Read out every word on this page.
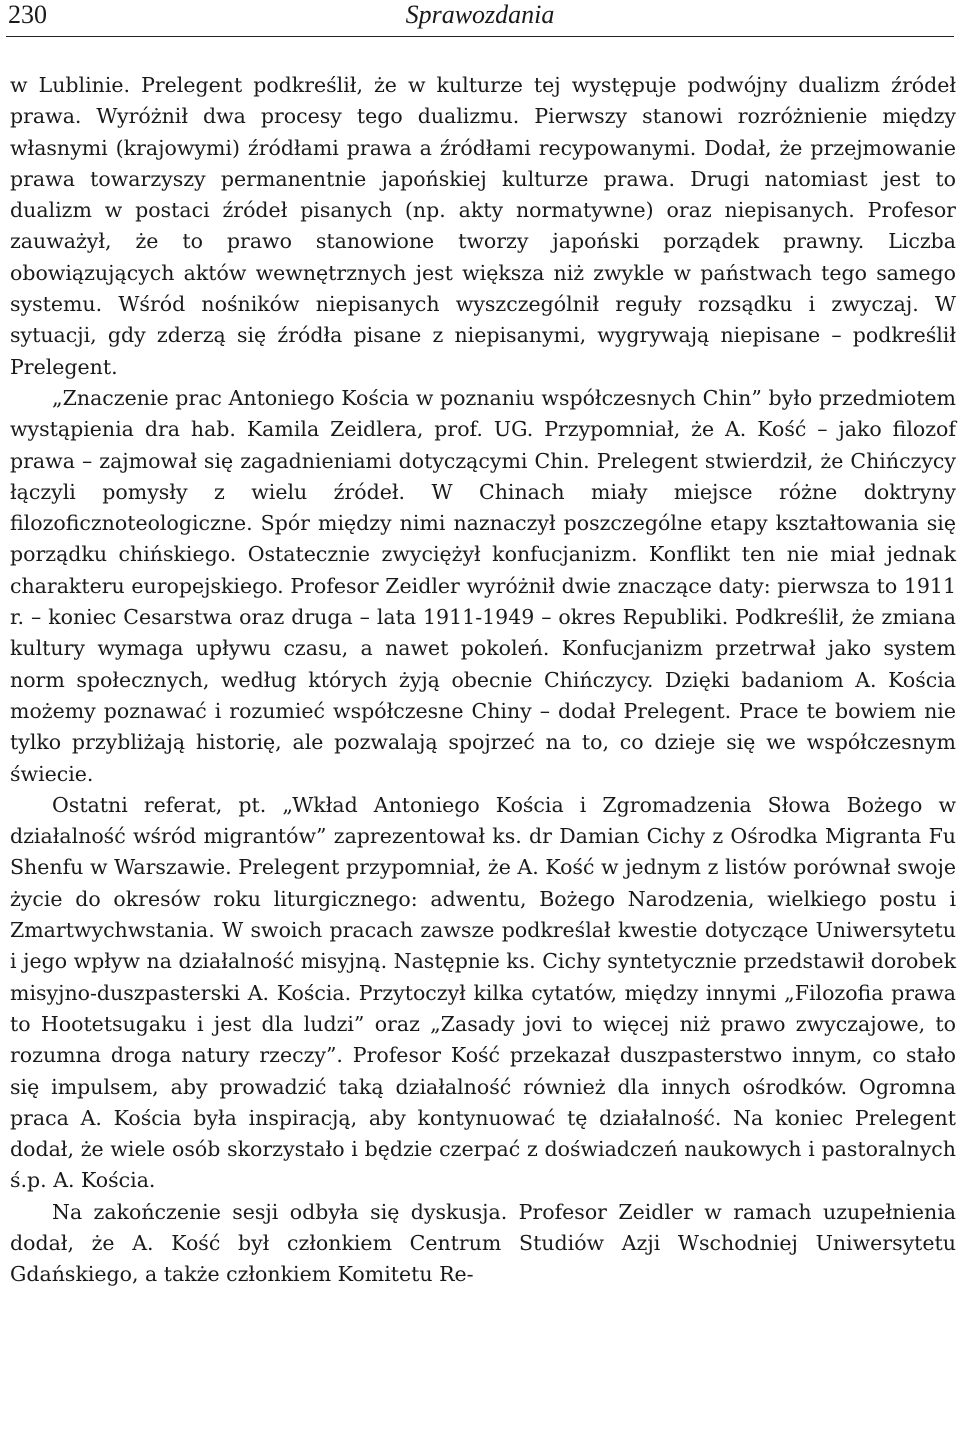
230	Sprawozdania

w Lublinie. Prelegent podkreślił, że w kulturze tej występuje podwójny dualizm źródeł prawa. Wyróżnił dwa procesy tego dualizmu. Pierwszy stanowi rozróżnienie między własnymi (krajowymi) źródłami prawa a źródłami recypowanymi. Dodał, że przejmowanie prawa towarzyszy permanentnie japońskiej kulturze prawa. Drugi natomiast jest to dualizm w postaci źródeł pisanych (np. akty normatywne) oraz niepisanych. Profesor zauważył, że to prawo stanowione tworzy japoński porządek prawny. Liczba obowiązujących aktów wewnętrznych jest większa niż zwykle w państwach tego samego systemu. Wśród nośników niepisanych wyszczególnił reguły rozsądku i zwyczaj. W sytuacji, gdy zderzą się źródła pisane z niepisanymi, wygrywają niepisane – podkreślił Prelegent.

„Znaczenie prac Antoniego Kościa w poznaniu współczesnych Chin” było przedmiotem wystąpienia dra hab. Kamila Zeidlera, prof. UG. Przypomniał, że A. Kość – jako filozof prawa – zajmował się zagadnieniami dotyczącymi Chin. Prelegent stwierdził, że Chińczycy łączyli pomysły z wielu źródeł. W Chinach miały miejsce różne doktryny filozoficznoteologiczne. Spór między nimi naznaczył poszczególne etapy kształtowania się porządku chińskiego. Ostatecznie zwyciężył konfucjanizm. Konflikt ten nie miał jednak charakteru europejskiego. Profesor Zeidler wyróżnił dwie znaczące daty: pierwsza to 1911 r. – koniec Cesarstwa oraz druga – lata 1911-1949 – okres Republiki. Podkreślił, że zmiana kultury wymaga upływu czasu, a nawet pokoleń. Konfucjanizm przetrwał jako system norm społecznych, według których żyją obecnie Chińczycy. Dzięki badaniom A. Kościa możemy poznawać i rozumieć współczesne Chiny – dodał Prelegent. Prace te bowiem nie tylko przybliżają historię, ale pozwalają spojrzeć na to, co dzieje się we współczesnym świecie.

Ostatni referat, pt. „Wkład Antoniego Kościa i Zgromadzenia Słowa Bożego w działalność wśród migrantów” zaprezentował ks. dr Damian Cichy z Ośrodka Migranta Fu Shenfu w Warszawie. Prelegent przypomniał, że A. Kość w jednym z listów porównał swoje życie do okresów roku liturgicznego: adwentu, Bożego Narodzenia, wielkiego postu i Zmartwychwstania. W swoich pracach zawsze podkreślał kwestie dotyczące Uniwersytetu i jego wpływ na działalność misyjną. Następnie ks. Cichy syntetycznie przedstawił dorobek misyjno-duszpasterski A. Kościa. Przytoczył kilka cytatów, między innymi „Filozofia prawa to Hootetsugaku i jest dla ludzi” oraz „Zasady jovi to więcej niż prawo zwyczajowe, to rozumna droga natury rzeczy”. Profesor Kość przekazał duszpasterstwo innym, co stało się impulsem, aby prowadzić taką działalność również dla innych ośrodków. Ogromna praca A. Kościa była inspiracją, aby kontynuować tę działalność. Na koniec Prelegent dodał, że wiele osób skorzystało i będzie czerpać z doświadczeń naukowych i pastoralnych ś.p. A. Kościa.

Na zakończenie sesji odbyła się dyskusja. Profesor Zeidler w ramach uzupełnienia dodał, że A. Kość był członkiem Centrum Studiów Azji Wschodniej Uniwersytetu Gdańskiego, a także członkiem Komitetu Re-
